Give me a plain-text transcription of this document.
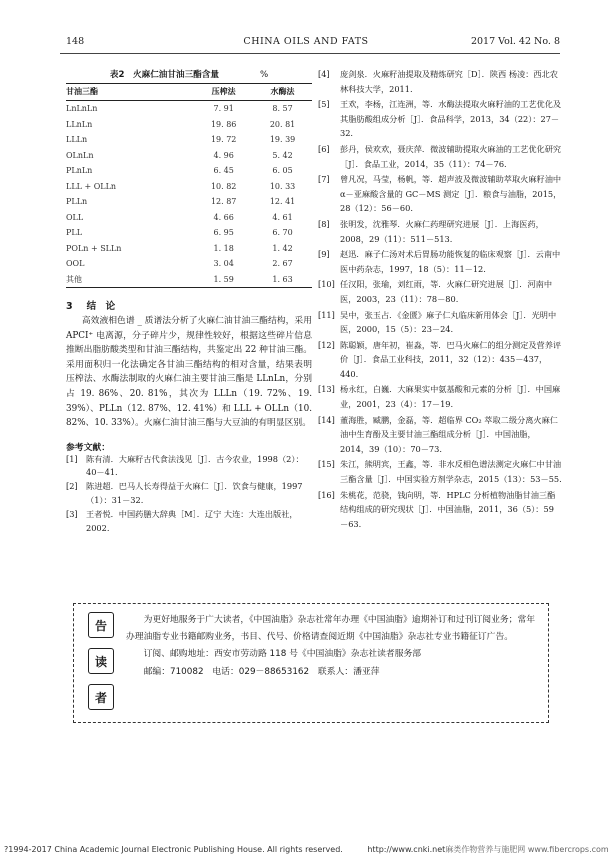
148	CHINA OILS AND FATS	2017 Vol. 42 No. 8
表2　火麻仁油甘油三酯含量	%
甘油三酯	压榨法	水酶法
LnLnLn	7. 91	8. 57
LLnLn	19. 86	20. 81
LLLn	19. 72	19. 39
OLnLn	4. 96	5. 42
PLnLn	6. 45	6. 05
LLL + OLLn	10. 82	10. 33
PLLn	12. 87	12. 41
OLL	4. 66	4. 61
PLL	6. 95	6. 70
POLn + SLLn	1. 18	1. 42
OOL	3. 04	2. 67
其他	1. 59	1. 63
3 结　论

高效液相色谱 _ 质谱法分析了火麻仁油甘油三酯结构，采用 APCI⁺ 电离源，分子碎片少，规律性较好，根据这些碎片信息推断出脂肪酸类型和甘油三酯结构，共鉴定出 22 种甘油三酯。采用面积归一化法确定各甘油三酯结构的相对含量，结果表明压榨法、水酶法制取的火麻仁油主要甘油三酯是 LLnLn，分别占 19. 86%、20. 81%，其次为 LLLn（19. 72%、19. 39%）、PLLn（12. 87%、12. 41%）和 LLL + OLLn（10. 82%、10. 33%）。火麻仁油甘油三酯与大豆油的有明显区别。

参考文献：
[1] 陈有清．大麻籽古代食法浅见［J］．古今农业，1998（2）：40－41.
[2] 陈进超．巴马人长寿得益于火麻仁［J］．饮食与健康，1997（1）：31－32.
[3] 王者悦．中国药膳大辞典［M］．辽宁 大连：大连出版社，2002.
[4] 庞剑泉．火麻籽油提取及精炼研究［D］．陕西 杨凌：西北农林科技大学，2011.
[5] 王欢，李杨，江连洲，等．水酶法提取火麻籽油的工艺优化及其脂肪酸组成分析［J］．食品科学，2013，34（22）：27－32.
[6] 彭丹，侯欢欢，聂庆萍．微波辅助提取火麻油的工艺优化研究［J］．食品工业，2014，35（11）：74－76.
[7] 曾凡况，马莹，杨帆，等．超声波及微波辅助萃取火麻籽油中 α－亚麻酸含量的 GC－MS 测定［J］．粮食与油脂，2015，28（12）：56－60.
[8] 张明发，沈雅琴．火麻仁药理研究进展［J］．上海医药，2008，29（11）：511－513.
[9] 赵迅．麻子仁汤对术后胃肠功能恢复的临床观察［J］．云南中医中药杂志，1997，18（5）：11－12.
[10] 任汉阳，张瑜，刘红雨，等．火麻仁研究进展［J］．河南中医，2003，23（11）：78－80.
[11] 吴中，张玉占．《金匮》麻子仁丸临床新用体会［J］．光明中医，2000，15（5）：23－24.
[12] 陈聪颖，唐年初，崔淼，等．巴马火麻仁的组分测定及营养评价［J］．食品工业科技，2011，32（12）：435－437，440.
[13] 杨永红，白巍．大麻果实中氨基酸和元素的分析［J］．中国麻业，2001，23（4）：17－19.
[14] 董海胜，臧鹏，金磊，等．超临界 CO₂ 萃取二级分离火麻仁油中生育酚及主要甘油三酯组成分析［J］．中国油脂，2014，39（10）：70－73.
[15] 朱江，熊明宾，王鑫，等．非水反相色谱法测定火麻仁中甘油三酯含量［J］．中国实验方剂学杂志，2015（13）：53－55.
[16] 朱桃花，范骁，钱向明，等．HPLC 分析植物油脂甘油三酯结构组成的研究现状［J］．中国油脂，2011，36（5）：59－63.
告
读
者

为更好地服务于广大读者，《中国油脂》杂志社常年办理《中国油脂》逾期补订和过刊订阅业务；常年办理油脂专业书籍邮购业务，书目、代号、价格请查阅近期《中国油脂》杂志社专业书籍征订广告。

订阅、邮购地址：西安市劳动路 118 号《中国油脂》杂志社读者服务部

邮编：710082　电话：029－88653162　联系人：潘亚萍

?1994-2017 China Academic Journal Electronic Publishing House. All rights reserved.	http://www.cnki.net麻类作物营养与施肥网 www.fibercrops.com
